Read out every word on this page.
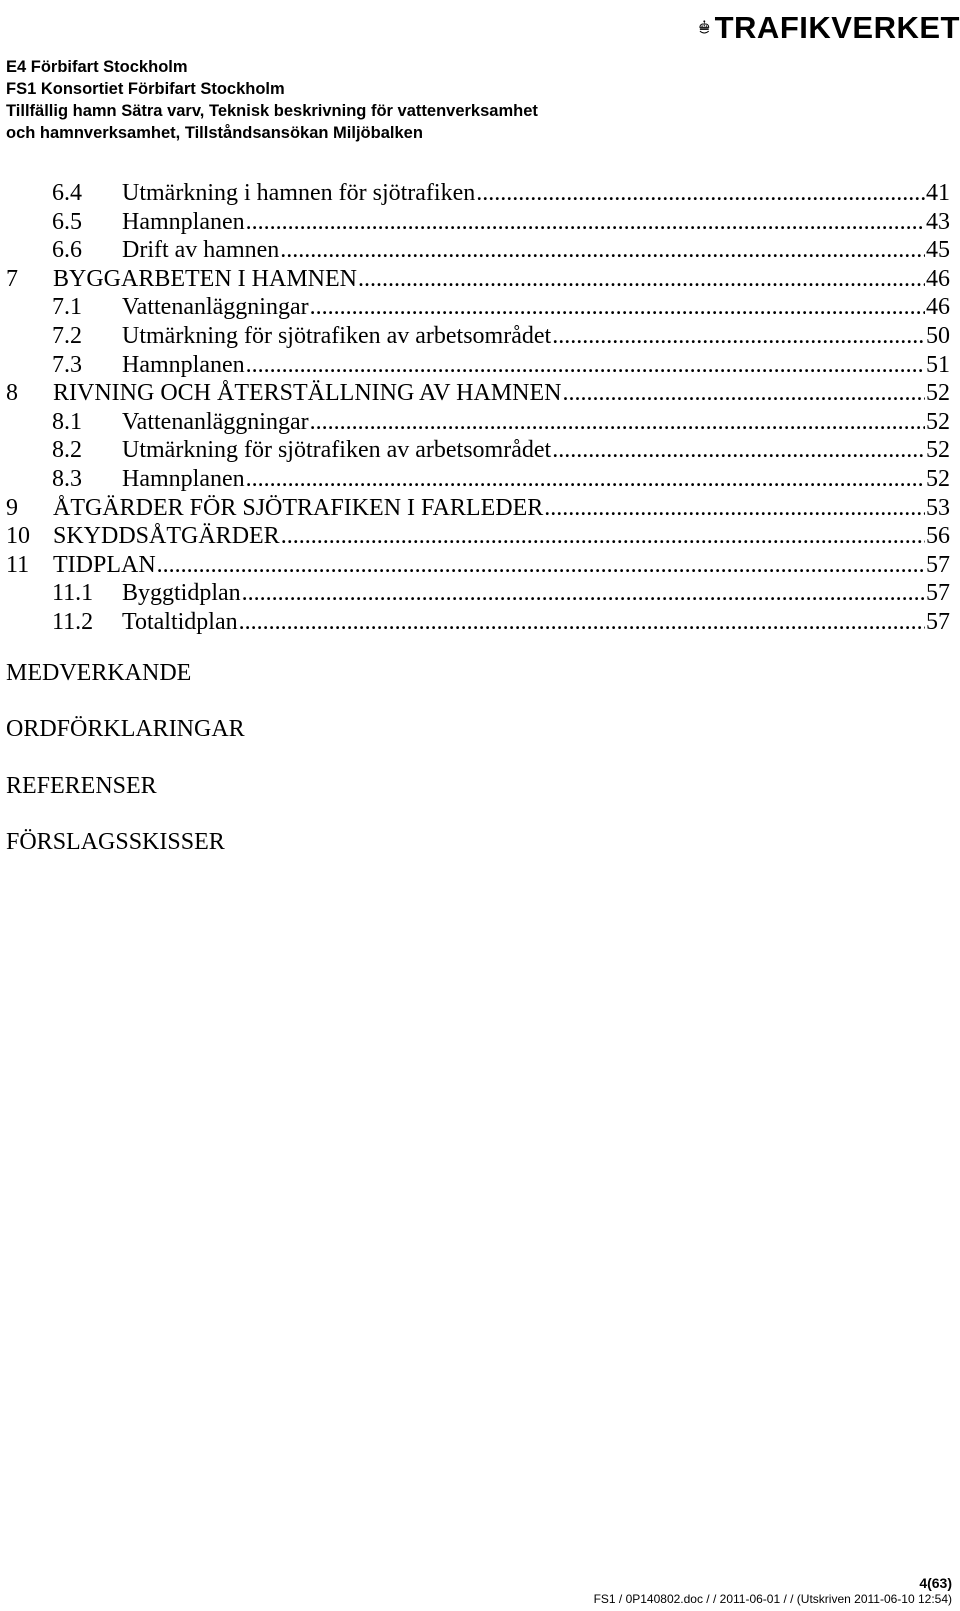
E4 Förbifart Stockholm
FS1 Konsortiet Förbifart Stockholm
Tillfällig hamn Sätra varv, Teknisk beskrivning för vattenverksamhet
och hamnverksamhet, Tillståndsansökan Miljöbalken
TRAFIKVERKET
6.4 Utmärkning i hamnen för sjötrafiken .....	41
6.5 Hamnplanen .....	43
6.6 Drift av hamnen .....	45
7 BYGGARBETEN I HAMNEN .....	46
7.1 Vattenanläggningar .....	46
7.2 Utmärkning för sjötrafiken av arbetsområdet .....	50
7.3 Hamnplanen .....	51
8 RIVNING OCH ÅTERSTÄLLNING AV HAMNEN .....	52
8.1 Vattenanläggningar .....	52
8.2 Utmärkning för sjötrafiken av arbetsområdet .....	52
8.3 Hamnplanen .....	52
9 ÅTGÄRDER FÖR SJÖTRAFIKEN I FARLEDER .....	53
10 SKYDDSÅTGÄRDER .....	56
11 TIDPLAN .....	57
11.1 Byggtidplan .....	57
11.2 Totaltidplan .....	57
MEDVERKANDE
ORDFÖRKLARINGAR
REFERENSER
FÖRSLAGSSKISSER
4(63)
FS1 / 0P140802.doc / / 2011-06-01 / / (Utskriven 2011-06-10 12:54)
